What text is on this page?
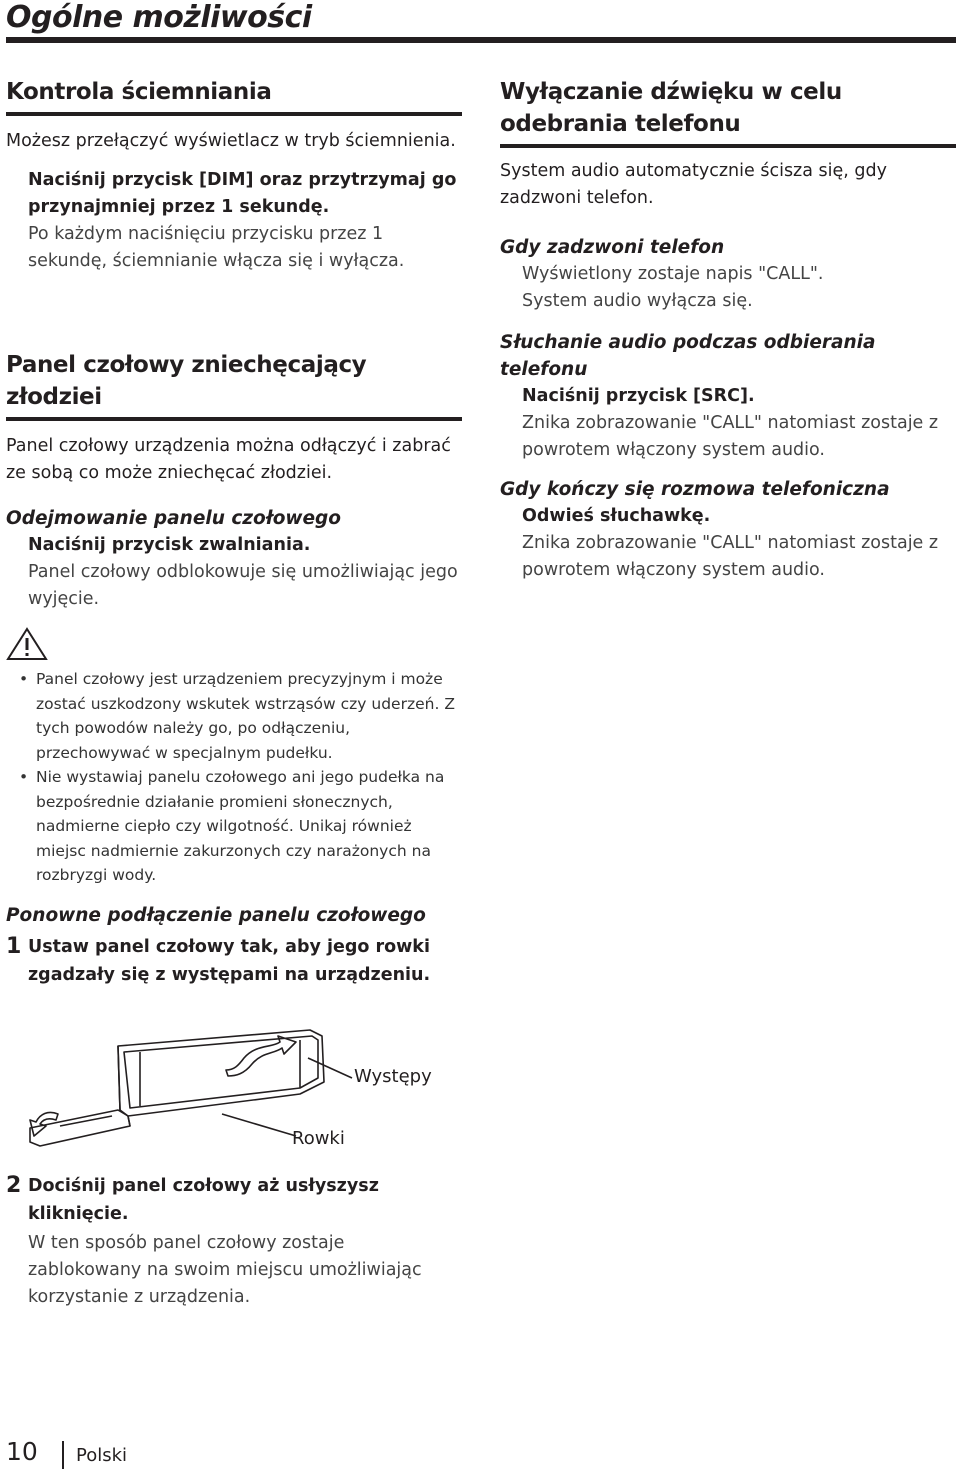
Ogólne możliwości
Kontrola ściemniania

Możesz przełączyć wyświetlacz w tryb ściemnienia.

Naciśnij przycisk [DIM] oraz przytrzymaj go przynajmniej przez 1 sekundę.

Po każdym naciśnięciu przycisku przez 1 sekundę, ściemnianie włącza się i wyłącza.

Panel czołowy zniechęcający
złodziei

Panel czołowy urządzenia można odłączyć i zabrać ze sobą co może zniechęcać złodziei.

Odejmowanie panelu czołowego

Naciśnij przycisk zwalniania.

Panel czołowy odblokowuje się umożliwiając jego wyjęcie.

• Panel czołowy jest urządzeniem precyzyjnym i może zostać uszkodzony wskutek wstrząsów czy uderzeń. Z tych powodów należy go, po odłączeniu, przechowywać w specjalnym pudełku.
• Nie wystawiaj panelu czołowego ani jego pudełka na bezpośrednie działanie promieni słonecznych, nadmierne ciepło czy wilgotność. Unikaj również miejsc nadmiernie zakurzonych czy narażonych na rozbryzgi wody.
Ponowne podłączenie panelu czołowego
1 Ustaw panel czołowy tak, aby jego rowki zgadzały się z występami na urządzeniu.
Występy
Rowki
2 Dociśnij panel czołowy aż usłyszysz kliknięcie.

W ten sposób panel czołowy zostaje zablokowany na swoim miejscu umożliwiając korzystanie z urządzenia.

Wyłączanie dźwięku w celu
odebrania telefonu

System audio automatycznie ścisza się, gdy zadzwoni telefon.

Gdy zadzwoni telefon

Wyświetlony zostaje napis "CALL".

System audio wyłącza się.

Słuchanie audio podczas odbierania telefonu

Naciśnij przycisk [SRC].

Znika zobrazowanie "CALL" natomiast zostaje z powrotem włączony system audio.

Gdy kończy się rozmowa telefoniczna

Odwieś słuchawkę.

Znika zobrazowanie "CALL" natomiast zostaje z powrotem włączony system audio.

10 Polski
